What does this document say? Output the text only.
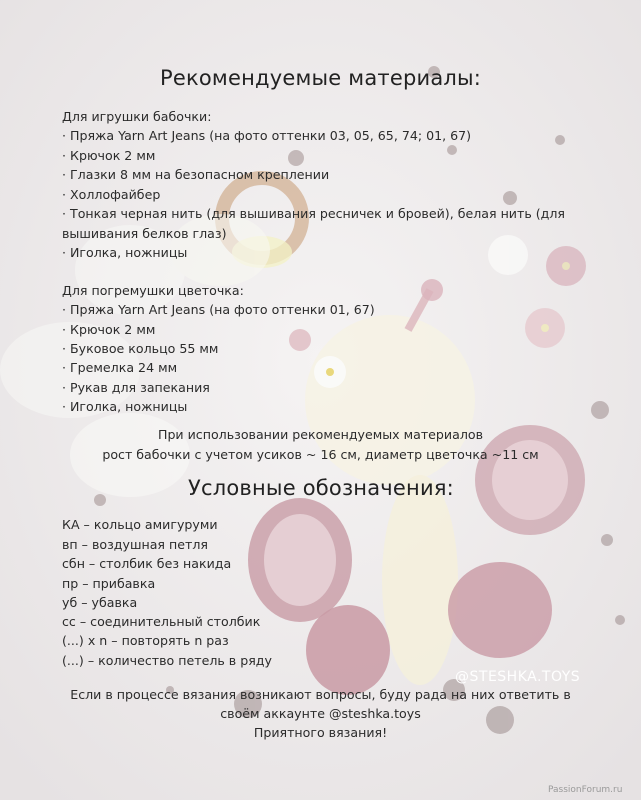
Рекомендуемые материалы:
Для игрушки бабочки:
· Пряжа Yarn Art Jeans (на фото оттенки 03, 05, 65, 74; 01, 67)
· Крючок 2 мм
· Глазки 8 мм на безопасном креплении
· Холлофайбер
· Тонкая черная нить (для вышивания ресничек и бровей), белая нить (для
вышивания белков глаз)
· Иголка, ножницы
Для погремушки цветочка:
· Пряжа Yarn Art Jeans (на фото оттенки 01, 67)
· Крючок 2 мм
· Буковое кольцо 55 мм
· Гремелка 24 мм
· Рукав для запекания
· Иголка, ножницы
При использовании рекомендуемых материалов
рост бабочки с учетом усиков ~ 16 см, диаметр цветочка ~11 см
Условные обозначения:
КА – кольцо амигуруми
вп – воздушная петля
сбн – столбик без накида
пр – прибавка
уб – убавка
сс – соединительный столбик
(...) х n – повторять n раз
(...) – количество петель в ряду
@STESHKA.TOYS
Если в процессе вязания возникают вопросы, буду рада на них ответить в
своём аккаунте @steshka.toys
Приятного вязания!
PassionForum.ru
